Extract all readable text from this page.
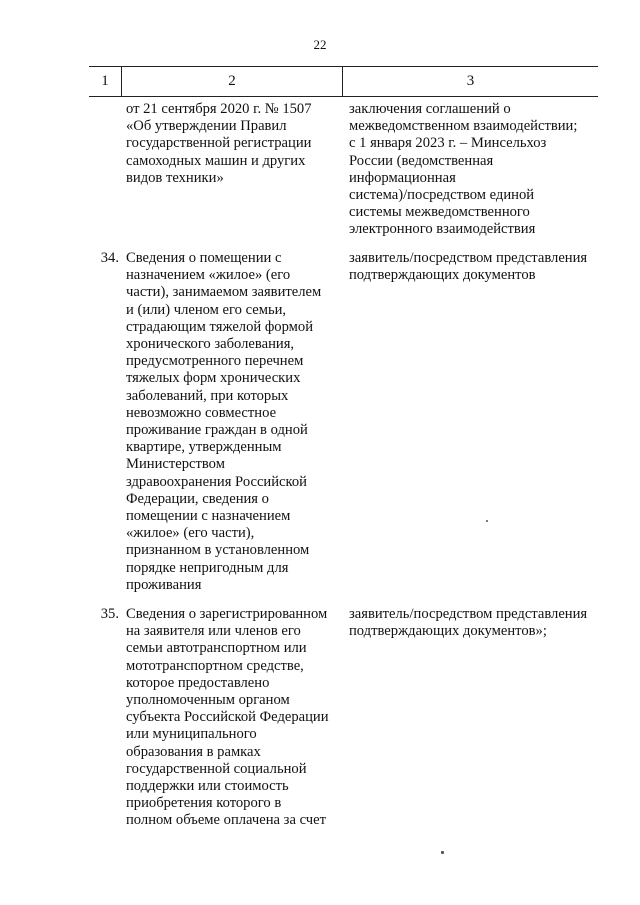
22
1	2	3
от 21 сентября 2020 г. № 1507
«Об утверждении Правил
государственной регистрации
самоходных машин и других
видов техники»
заключения соглашений о
межведомственном взаимодействии;
с 1 января 2023 г. – Минсельхоз
России (ведомственная
информационная
система)/посредством единой
системы межведомственного
электронного взаимодействия
34. Сведения о помещении с
назначением «жилое» (его
части), занимаемом заявителем
и (или) членом его семьи,
страдающим тяжелой формой
хронического заболевания,
предусмотренного перечнем
тяжелых форм хронических
заболеваний, при которых
невозможно совместное
проживание граждан в одной
квартире, утвержденным
Министерством
здравоохранения Российской
Федерации, сведения о
помещении с назначением
«жилое» (его части),
признанном в установленном
порядке непригодным для
проживания
заявитель/посредством представления
подтверждающих документов
35. Сведения о зарегистрированном
на заявителя или членов его
семьи автотранспортном или
мототранспортном средстве,
которое предоставлено
уполномоченным органом
субъекта Российской Федерации
или муниципального
образования в рамках
государственной социальной
поддержки или стоимость
приобретения которого в
полном объеме оплачена за счет
заявитель/посредством представления
подтверждающих документов»;
